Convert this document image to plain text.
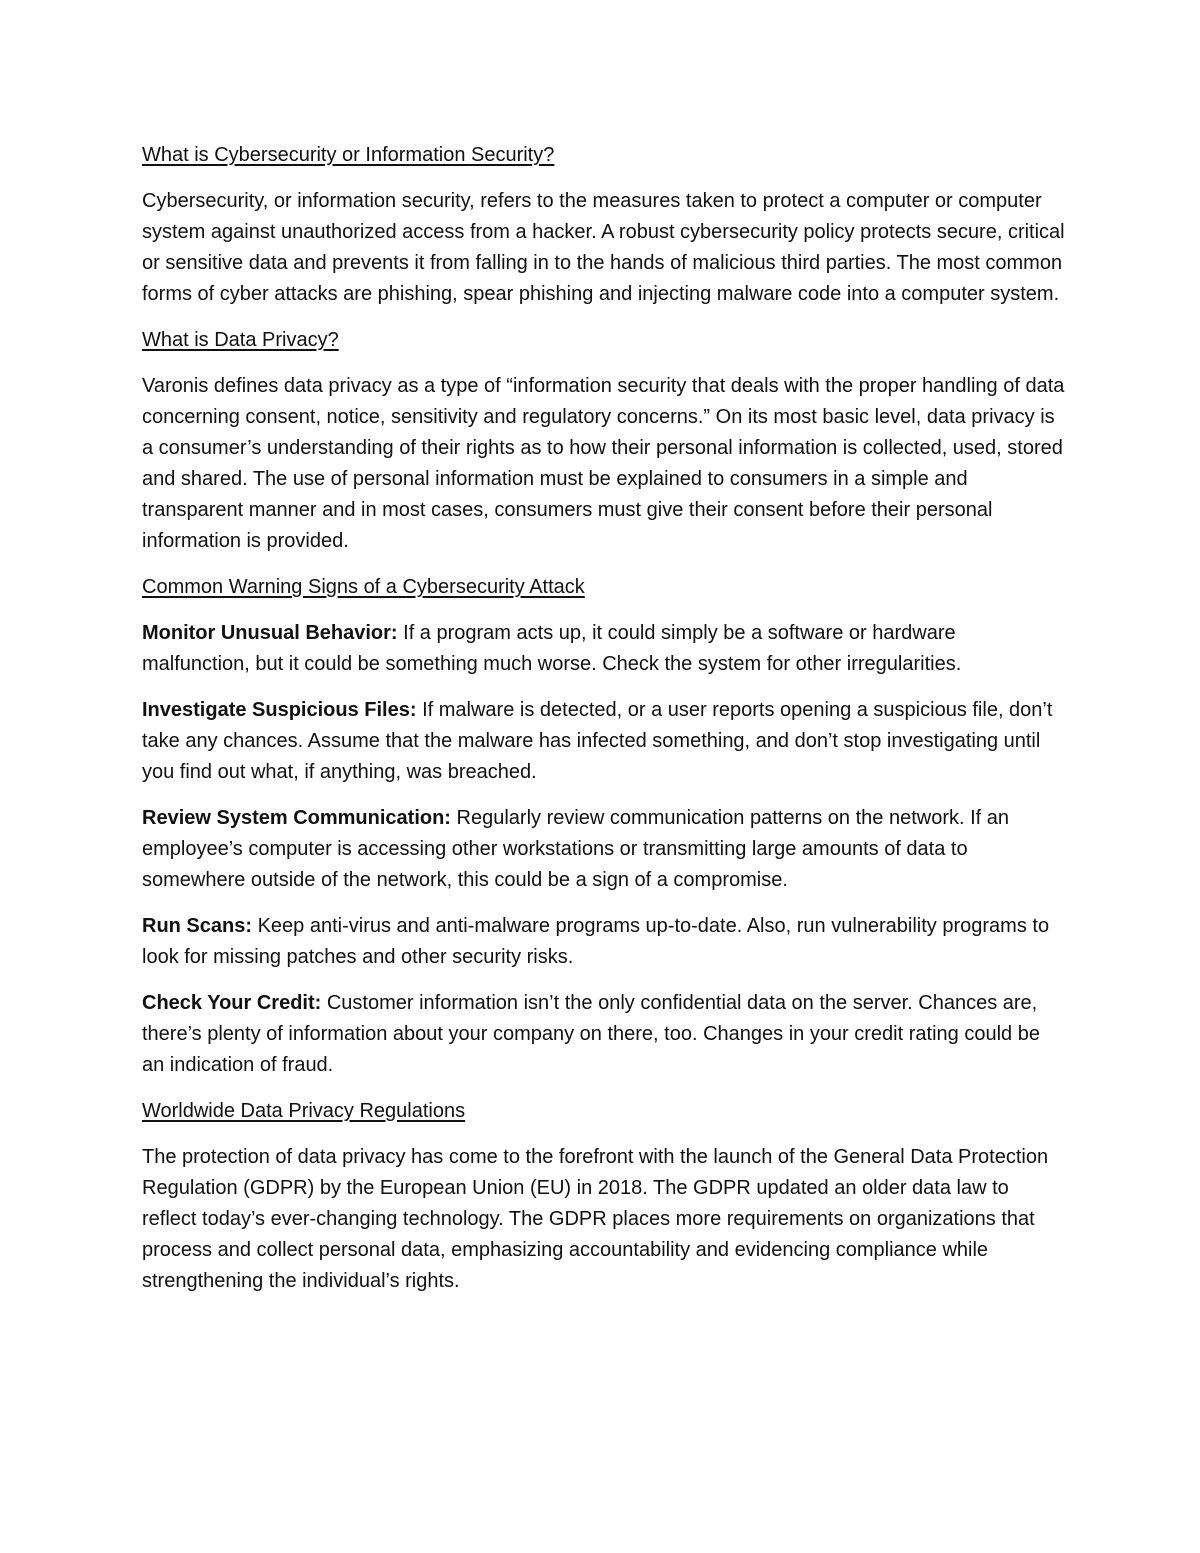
What is Cybersecurity or Information Security?

Cybersecurity, or information security, refers to the measures taken to protect a computer or computer system against unauthorized access from a hacker. A robust cybersecurity policy protects secure, critical or sensitive data and prevents it from falling in to the hands of malicious third parties. The most common forms of cyber attacks are phishing, spear phishing and injecting malware code into a computer system.

What is Data Privacy?

Varonis defines data privacy as a type of “information security that deals with the proper handling of data concerning consent, notice, sensitivity and regulatory concerns.” On its most basic level, data privacy is a consumer’s understanding of their rights as to how their personal information is collected, used, stored and shared. The use of personal information must be explained to consumers in a simple and transparent manner and in most cases, consumers must give their consent before their personal information is provided.

Common Warning Signs of a Cybersecurity Attack

Monitor Unusual Behavior: If a program acts up, it could simply be a software or hardware malfunction, but it could be something much worse. Check the system for other irregularities.

Investigate Suspicious Files: If malware is detected, or a user reports opening a suspicious file, don’t take any chances. Assume that the malware has infected something, and don’t stop investigating until you find out what, if anything, was breached.

Review System Communication: Regularly review communication patterns on the network. If an employee’s computer is accessing other workstations or transmitting large amounts of data to somewhere outside of the network, this could be a sign of a compromise.

Run Scans: Keep anti-virus and anti-malware programs up-to-date. Also, run vulnerability programs to look for missing patches and other security risks.

Check Your Credit: Customer information isn’t the only confidential data on the server. Chances are, there’s plenty of information about your company on there, too. Changes in your credit rating could be an indication of fraud.

Worldwide Data Privacy Regulations

The protection of data privacy has come to the forefront with the launch of the General Data Protection Regulation (GDPR) by the European Union (EU) in 2018. The GDPR updated an older data law to reflect today’s ever-changing technology. The GDPR places more requirements on organizations that process and collect personal data, emphasizing accountability and evidencing compliance while strengthening the individual’s rights.
